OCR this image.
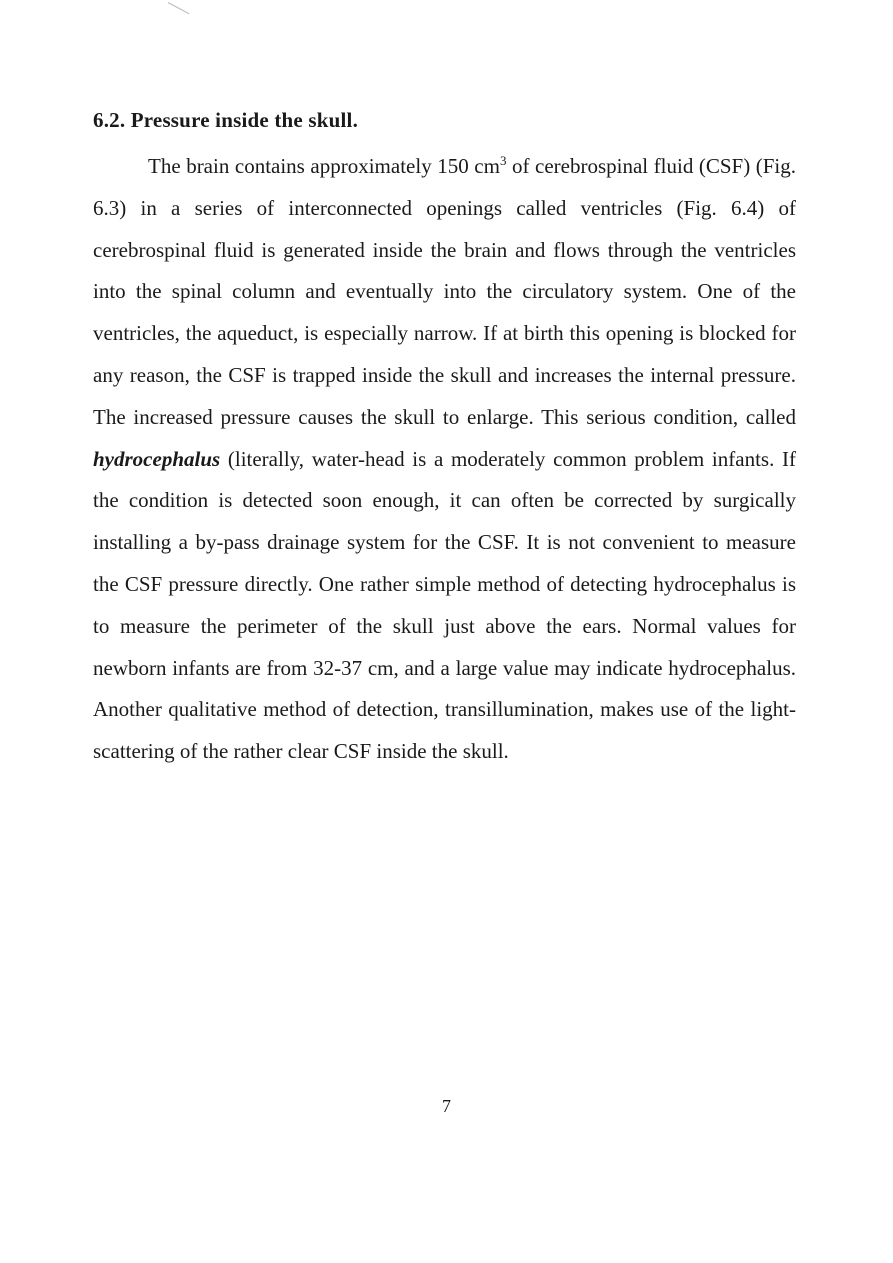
6.2. Pressure inside the skull.

The brain contains approximately 150 $cm^3$ of cerebrospinal fluid (CSF) (Fig. 6.3) in a series of interconnected openings called ventricles (Fig. 6.4) of cerebrospinal fluid is generated inside the brain and flows through the ventricles into the spinal column and eventually into the circulatory system. One of the ventricles, the aqueduct, is especially narrow. If at birth this opening is blocked for any reason, the CSF is trapped inside the skull and increases the internal pressure. The increased pressure causes the skull to enlarge. This serious condition, called hydrocephalus (literally, water-head is a moderately common problem infants. If the condition is detected soon enough, it can often be corrected by surgically installing a by-pass drainage system for the CSF. It is not convenient to measure the CSF pressure directly. One rather simple method of detecting hydrocephalus is to measure the perimeter of the skull just above the ears. Normal values for newborn infants are from 32-37 cm, and a large value may indicate hydrocephalus. Another qualitative method of detection, transillumination, makes use of the light-scattering of the rather clear CSF inside the skull.

7
